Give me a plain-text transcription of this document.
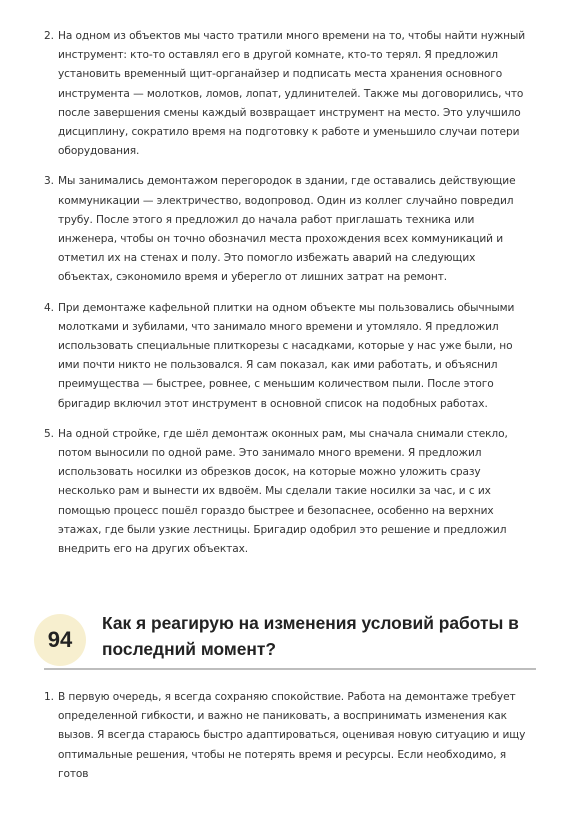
2. На одном из объектов мы часто тратили много времени на то, чтобы найти нужный инструмент: кто-то оставлял его в другой комнате, кто-то терял. Я предложил установить временный щит-органайзер и подписать места хранения основного инструмента — молотков, ломов, лопат, удлинителей. Также мы договорились, что после завершения смены каждый возвращает инструмент на место. Это улучшило дисциплину, сократило время на подготовку к работе и уменьшило случаи потери оборудования.
3. Мы занимались демонтажом перегородок в здании, где оставались действующие коммуникации — электричество, водопровод. Один из коллег случайно повредил трубу. После этого я предложил до начала работ приглашать техника или инженера, чтобы он точно обозначил места прохождения всех коммуникаций и отметил их на стенах и полу. Это помогло избежать аварий на следующих объектах, сэкономило время и уберегло от лишних затрат на ремонт.
4. При демонтаже кафельной плитки на одном объекте мы пользовались обычными молотками и зубилами, что занимало много времени и утомляло. Я предложил использовать специальные плиткорезы с насадками, которые у нас уже были, но ими почти никто не пользовался. Я сам показал, как ими работать, и объяснил преимущества — быстрее, ровнее, с меньшим количеством пыли. После этого бригадир включил этот инструмент в основной список на подобных работах.
5. На одной стройке, где шёл демонтаж оконных рам, мы сначала снимали стекло, потом выносили по одной раме. Это занимало много времени. Я предложил использовать носилки из обрезков досок, на которые можно уложить сразу несколько рам и вынести их вдвоём. Мы сделали такие носилки за час, и с их помощью процесс пошёл гораздо быстрее и безопаснее, особенно на верхних этажах, где были узкие лестницы. Бригадир одобрил это решение и предложил внедрить его на других объектах.
94
Как я реагирую на изменения условий работы в последний момент?
1. В первую очередь, я всегда сохраняю спокойствие. Работа на демонтаже требует определенной гибкости, и важно не паниковать, а воспринимать изменения как вызов. Я всегда стараюсь быстро адаптироваться, оценивая новую ситуацию и ищу оптимальные решения, чтобы не потерять время и ресурсы. Если необходимо, я готов
